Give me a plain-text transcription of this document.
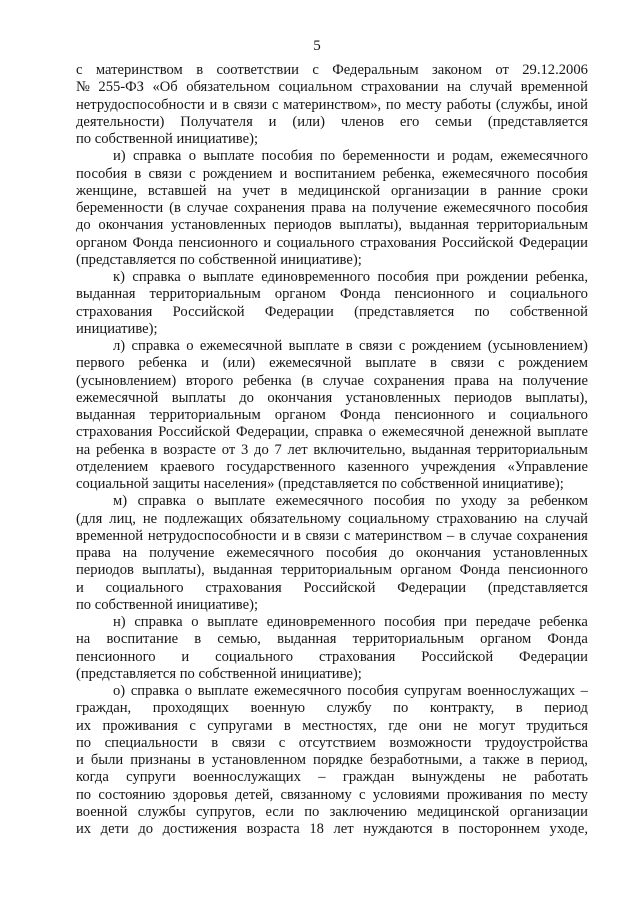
5
с материнством в соответствии с Федеральным законом от 29.12.2006
№ 255-ФЗ «Об обязательном социальном страховании на случай временной
нетрудоспособности и в связи с материнством», по месту работы (службы, иной
деятельности) Получателя и (или) членов его семьи (представляется
по собственной инициативе);
и) справка о выплате пособия по беременности и родам, ежемесячного
пособия в связи с рождением и воспитанием ребенка, ежемесячного пособия
женщине, вставшей на учет в медицинской организации в ранние сроки
беременности (в случае сохранения права на получение ежемесячного пособия
до окончания установленных периодов выплаты), выданная территориальным
органом Фонда пенсионного и социального страхования Российской Федерации
(представляется по собственной инициативе);
к) справка о выплате единовременного пособия при рождении ребенка,
выданная территориальным органом Фонда пенсионного и социального
страхования Российской Федерации (представляется по собственной
инициативе);
л) справка о ежемесячной выплате в связи с рождением (усыновлением)
первого ребенка и (или) ежемесячной выплате в связи с рождением
(усыновлением) второго ребенка (в случае сохранения права на получение
ежемесячной выплаты до окончания установленных периодов выплаты),
выданная территориальным органом Фонда пенсионного и социального
страхования Российской Федерации, справка о ежемесячной денежной выплате
на ребенка в возрасте от 3 до 7 лет включительно, выданная территориальным
отделением краевого государственного казенного учреждения «Управление
социальной защиты населения» (представляется по собственной инициативе);
м) справка о выплате ежемесячного пособия по уходу за ребенком
(для лиц, не подлежащих обязательному социальному страхованию на случай
временной нетрудоспособности и в связи с материнством – в случае сохранения
права на получение ежемесячного пособия до окончания установленных
периодов выплаты), выданная территориальным органом Фонда пенсионного
и социального страхования Российской Федерации (представляется
по собственной инициативе);
н) справка о выплате единовременного пособия при передаче ребенка
на воспитание в семью, выданная территориальным органом Фонда
пенсионного и социального страхования Российской Федерации
(представляется по собственной инициативе);
о) справка о выплате ежемесячного пособия супругам военнослужащих –
граждан, проходящих военную службу по контракту, в период
их проживания с супругами в местностях, где они не могут трудиться
по специальности в связи с отсутствием возможности трудоустройства
и были признаны в установленном порядке безработными, а также в период,
когда супруги военнослужащих – граждан вынуждены не работать
по состоянию здоровья детей, связанному с условиями проживания по месту
военной службы супругов, если по заключению медицинской организации
их дети до достижения возраста 18 лет нуждаются в постороннем уходе,
